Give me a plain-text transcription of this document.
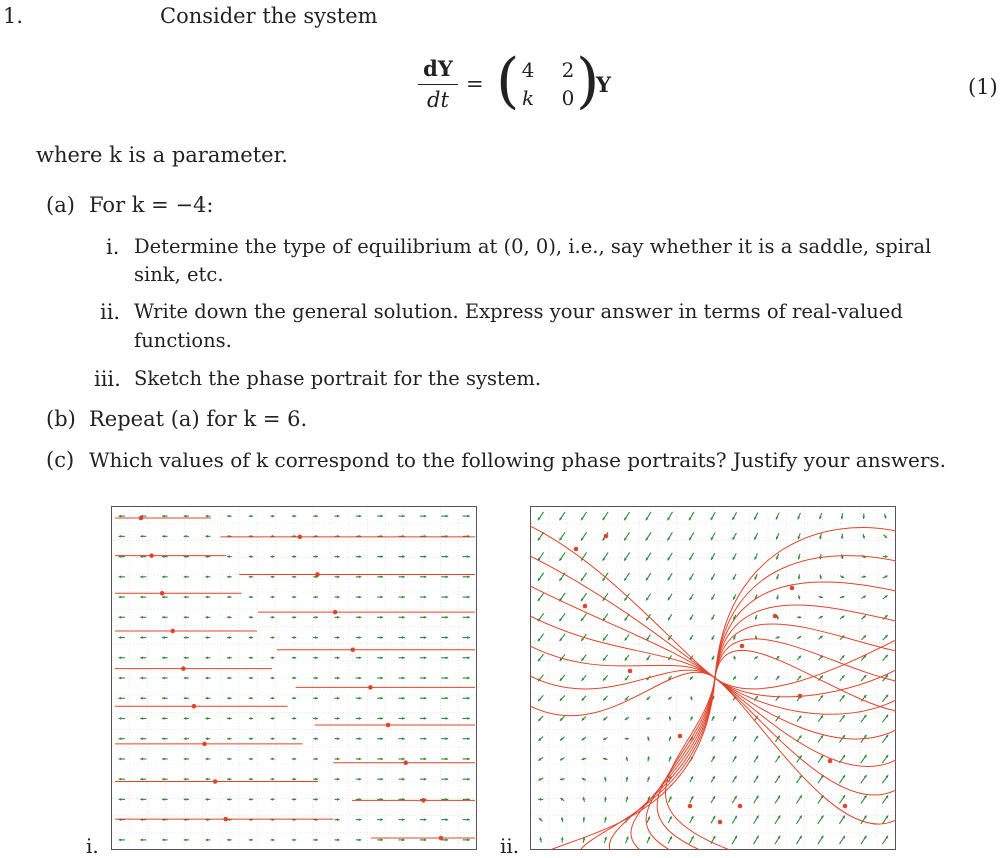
1.	Consider the system
dY
dt
= ( 4 2
k 0 )
Y	(1)
where k is a parameter.
(a) For k = −4:
i. Determine the type of equilibrium at (0, 0), i.e., say whether it is a saddle, spiral
sink, etc.
ii. Write down the general solution. Express your answer in terms of real-valued
functions.
iii. Sketch the phase portrait for the system.
(b) Repeat (a) for k = 6.
(c) Which values of k correspond to the following phase portraits? Justify your answers.
i.	ii.
